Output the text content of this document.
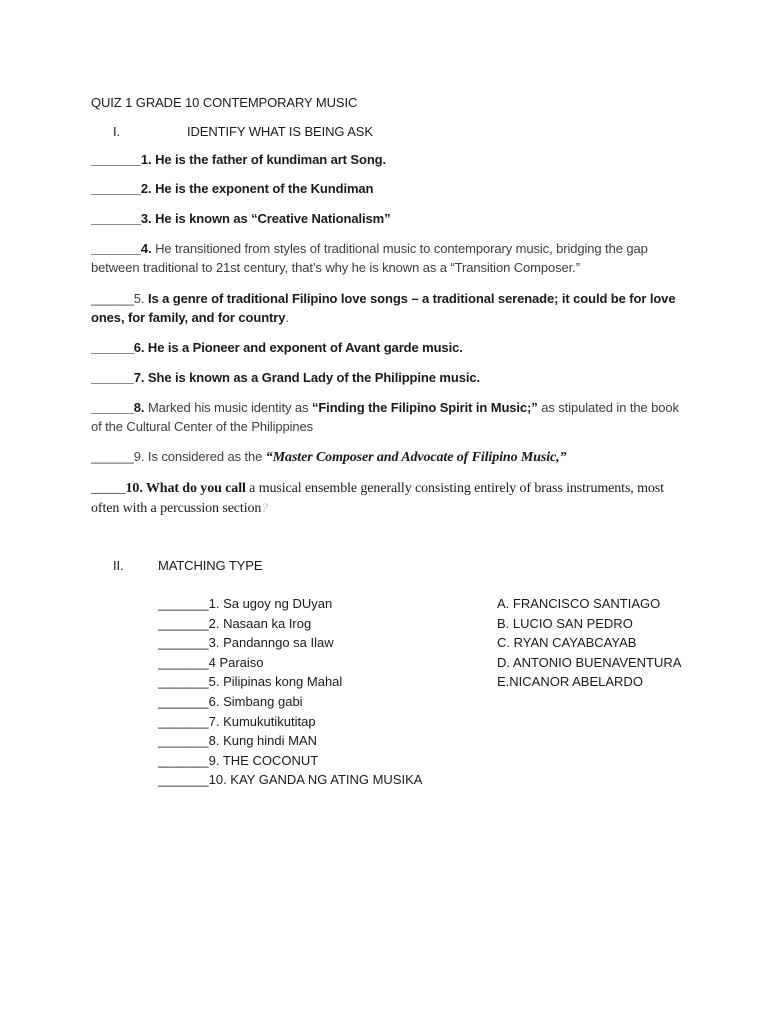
QUIZ 1 GRADE 10 CONTEMPORARY MUSIC
I.	IDENTIFY WHAT IS BEING ASK
_______1. He is the father of kundiman art Song.
_______2. He is the exponent of the Kundiman
_______3. He is known as “Creative Nationalism”
_______4. He transitioned from styles of traditional music to contemporary music, bridging the gap between traditional to 21st century, that’s why he is known as a “Transition Composer.”
______5. Is a genre of traditional Filipino love songs – a traditional serenade; it could be for love ones, for family, and for country.
______6. He is a Pioneer and exponent of Avant garde music.
______7. She is known as a Grand Lady of the Philippine music.
______8. Marked his music identity as “Finding the Filipino Spirit in Music;” as stipulated in the book of the Cultural Center of the Philippines
______9. Is considered as the “Master Composer and Advocate of Filipino Music,”
_____10. What do you call a musical ensemble generally consisting entirely of brass instruments, most often with a percussion section?
II.	MATCHING TYPE
_______1. Sa ugoy ng DUyan
_______2. Nasaan ka Irog
_______3. Pandanngo sa Ilaw
_______4 Paraiso
_______5. Pilipinas kong Mahal
_______6. Simbang gabi
_______7. Kumukutikutitap
_______8. Kung hindi MAN
_______9. THE COCONUT
_______10. KAY GANDA NG ATING MUSIKA
A. FRANCISCO SANTIAGO
B. LUCIO SAN PEDRO
C. RYAN CAYABCAYAB
D. ANTONIO BUENAVENTURA
E.NICANOR ABELARDO
